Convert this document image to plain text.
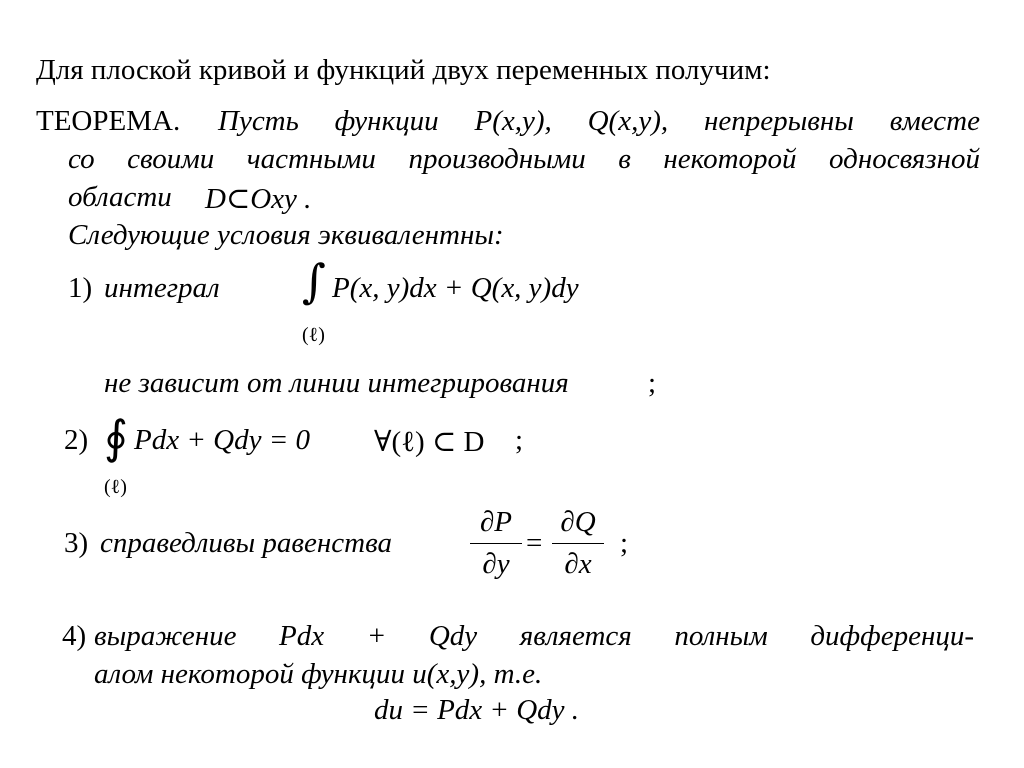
Для плоской кривой и функций двух переменных получим:
ТЕОРЕМА. Пусть функции P(x,y), Q(x,y), непрерывны вместе
со своими частными производными в некоторой односвязной
области D⊂Oxy .
Следующие условия эквивалентны:
1) интеграл ∫ P(x, y)dx + Q(x, y)dy
(ℓ)
не зависит от линии интегрирования	;
2) ∮ Pdx + Qdy = 0
(ℓ)
∀(ℓ) ⊂ D ;
3) справедливы равенства
∂P
∂y
=
∂Q
∂x
;
4) выражение Pdx + Qdy является полным дифференци-
алом некоторой функции u(x,y), т.е.
du = Pdx + Qdy .
